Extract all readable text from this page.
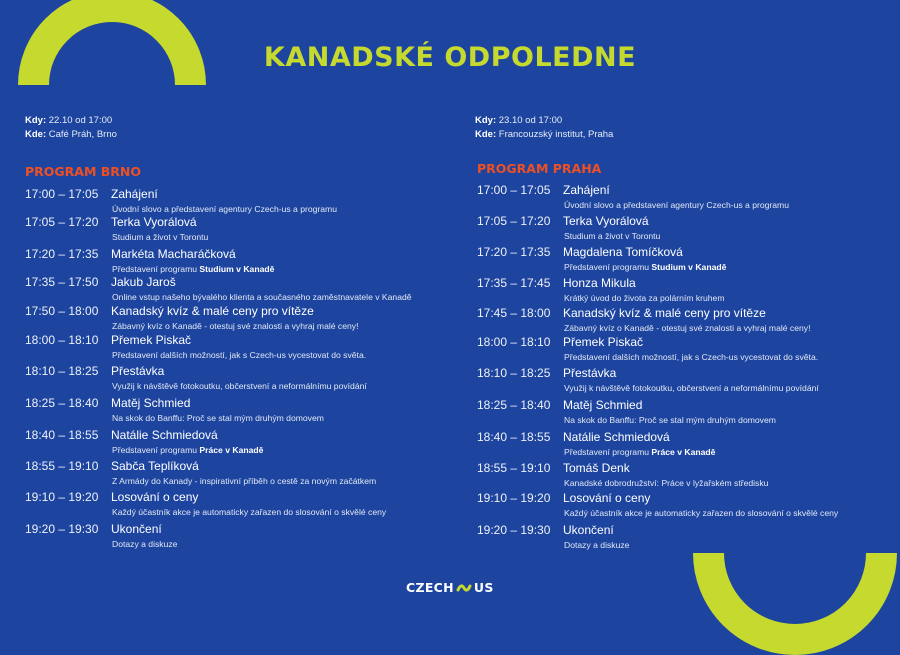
KANADSKÉ ODPOLEDNE
Kdy: 22.10 od 17:00
Kde: Café Práh, Brno
Kdy: 23.10 od 17:00
Kde: Francouzský institut, Praha
PROGRAM BRNO	PROGRAM PRAHA
17:00 – 17:05 Zahájení
Úvodní slovo a představení agentury Czech-us a programu
17:05 – 17:20 Terka Vyorálová
Studium a život v Torontu
17:20 – 17:35 Markéta Macharáčková
Představení programu Studium v Kanadě
17:35 – 17:50 Jakub Jaroš
Online vstup našeho bývalého klienta a současného zaměstnavatele v Kanadě
17:50 – 18:00 Kanadský kvíz & malé ceny pro vítěze
Zábavný kvíz o Kanadě - otestuj své znalosti a vyhraj malé ceny!
18:00 – 18:10 Přemek Piskač
Představení dalších možností, jak s Czech-us vycestovat do světa.
18:10 – 18:25 Přestávka
Využij k návštěvě fotokoutku, občerstvení a neformálnímu povídání
18:25 – 18:40 Matěj Schmied
Na skok do Banffu: Proč se stal mým druhým domovem
18:40 – 18:55 Natálie Schmiedová
Představení programu Práce v Kanadě
18:55 – 19:10 Sabča Teplíková
Z Armády do Kanady - inspirativní příběh o cestě za novým začátkem
19:10 – 19:20 Losování o ceny
Každý účastník akce je automaticky zařazen do slosování o skvělé ceny
19:20 – 19:30 Ukončení
Dotazy a diskuze
17:00 – 17:05 Zahájení
Úvodní slovo a představení agentury Czech-us a programu
17:05 – 17:20 Terka Vyorálová
Studium a život v Torontu
17:20 – 17:35 Magdalena Tomíčková
Představení programu Studium v Kanadě
17:35 – 17:45 Honza Mikula
Krátký úvod do života za polárním kruhem
17:45 – 18:00 Kanadský kvíz & malé ceny pro vítěze
Zábavný kvíz o Kanadě - otestuj své znalosti a vyhraj malé ceny!
18:00 – 18:10 Přemek Piskač
Představení dalších možností, jak s Czech-us vycestovat do světa.
18:10 – 18:25 Přestávka
Využij k návštěvě fotokoutku, občerstvení a neformálnímu povídání
18:25 – 18:40 Matěj Schmied
Na skok do Banffu: Proč se stal mým druhým domovem
18:40 – 18:55 Natálie Schmiedová
Představení programu Práce v Kanadě
18:55 – 19:10 Tomáš Denk
Kanadské dobrodružství: Práce v lyžařském středisku
19:10 – 19:20 Losování o ceny
Každý účastník akce je automaticky zařazen do slosování o skvělé ceny
19:20 – 19:30 Ukončení
Dotazy a diskuze
CZECH US
